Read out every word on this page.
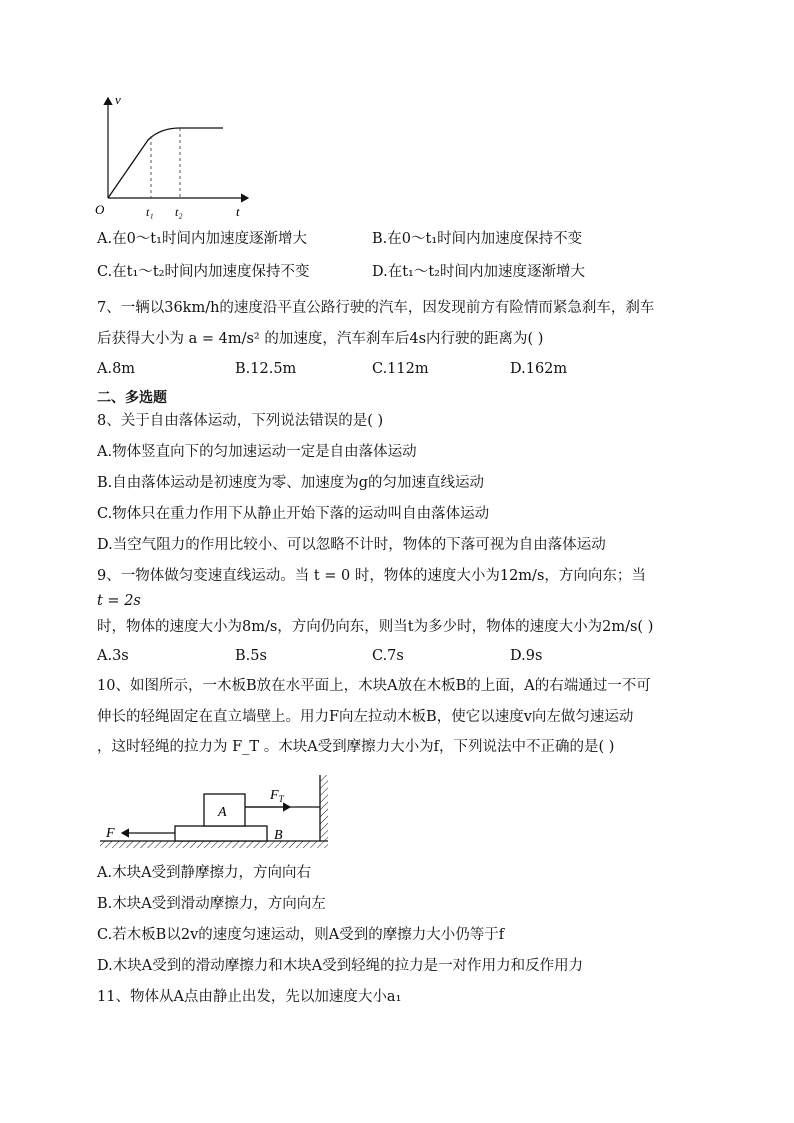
v
t
O	t₁ t₂
A.在0～t₁时间内加速度逐渐增大	B.在0～t₁时间内加速度保持不变
C.在t₁～t₂时间内加速度保持不变	D.在t₁～t₂时间内加速度逐渐增大
7、一辆以36km/h的速度沿平直公路行驶的汽车，因发现前方有险情而紧急刹车，刹车
后获得大小为 a = 4m/s² 的加速度，汽车刹车后4s内行驶的距离为( )
A.8m	B.12.5m	C.112m	D.162m
二、多选题
8、关于自由落体运动，下列说法错误的是( )
A.物体竖直向下的匀加速运动一定是自由落体运动
B.自由落体运动是初速度为零、加速度为g的匀加速直线运动
C.物体只在重力作用下从静止开始下落的运动叫自由落体运动
D.当空气阻力的作用比较小、可以忽略不计时，物体的下落可视为自由落体运动
9、一物体做匀变速直线运动。当 t = 0 时，物体的速度大小为12m/s，方向向东；当
t = 2s
时，物体的速度大小为8m/s，方向仍向东，则当t为多少时，物体的速度大小为2m/s( )
A.3s	B.5s	C.7s	D.9s
10、如图所示，一木板B放在水平面上，木块A放在木板B的上面，A的右端通过一不可
伸长的轻绳固定在直立墙壁上。用力F向左拉动木板B，使它以速度v向左做匀速运动
，这时轻绳的拉力为 F_T 。木块A受到摩擦力大小为f，下列说法中不正确的是( )
A
B
$F_T$
F
A.木块A受到静摩擦力，方向向右
B.木块A受到滑动摩擦力，方向向左
C.若木板B以2v的速度匀速运动，则A受到的摩擦力大小仍等于f
D.木块A受到的滑动摩擦力和木块A受到轻绳的拉力是一对作用力和反作用力
11、物体从A点由静止出发，先以加速度大小a₁
